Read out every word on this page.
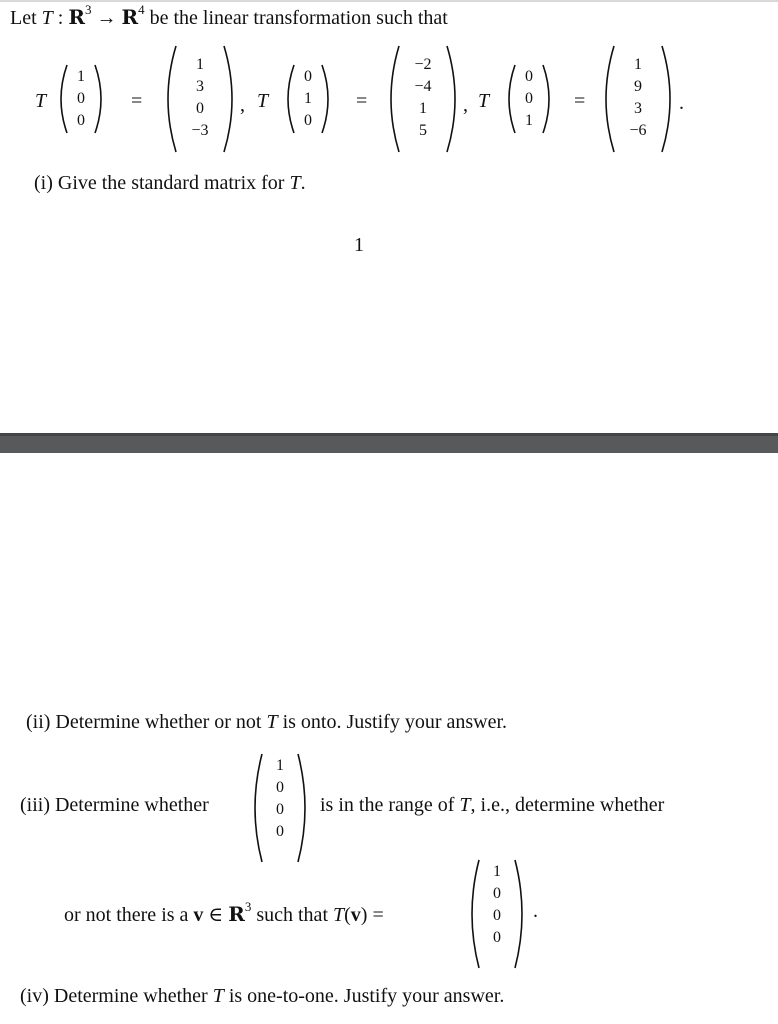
Let T : $R^3 \to R^4$ be the linear transformation such that
T
1
0
0
=
1
3
0
−3
, T
0
1
0
=
−2
−4
1
5
, T
0
0
1
=
1
9
3
−6
.
(i) Give the standard matrix for T.
1
(ii) Determine whether or not T is onto. Justify your answer.
(iii) Determine whether
1
0
0
0
is in the range of T, i.e., determine whether
or not there is a v ∈ $R^3$ such that T(v) =
1
0
0
0
.
(iv) Determine whether T is one-to-one. Justify your answer.
